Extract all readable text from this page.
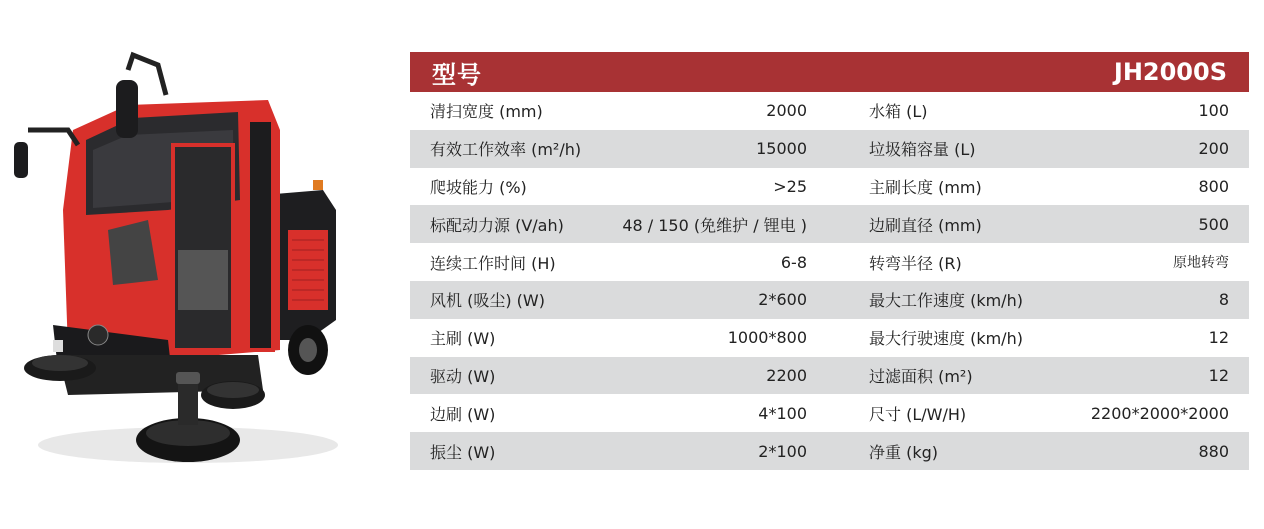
型号	JH2000S
清扫宽度 (mm)	2000	水箱 (L)	100
有效工作效率 (m²/h)	15000	垃圾箱容量 (L)	200
爬坡能力 (%)	>25	主刷长度 (mm)	800
标配动力源 (V/ah)	48 / 150 (免维护 / 锂电 )	边刷直径 (mm)	500
连续工作时间 (H)	6-8	转弯半径 (R)	原地转弯
风机 (吸尘) (W)	2*600	最大工作速度 (km/h)	8
主刷 (W)	1000*800	最大行驶速度 (km/h)	12
驱动 (W)	2200	过滤面积 (m²)	12
边刷 (W)	4*100	尺寸 (L/W/H)	2200*2000*2000
振尘 (W)	2*100	净重 (kg)	880
